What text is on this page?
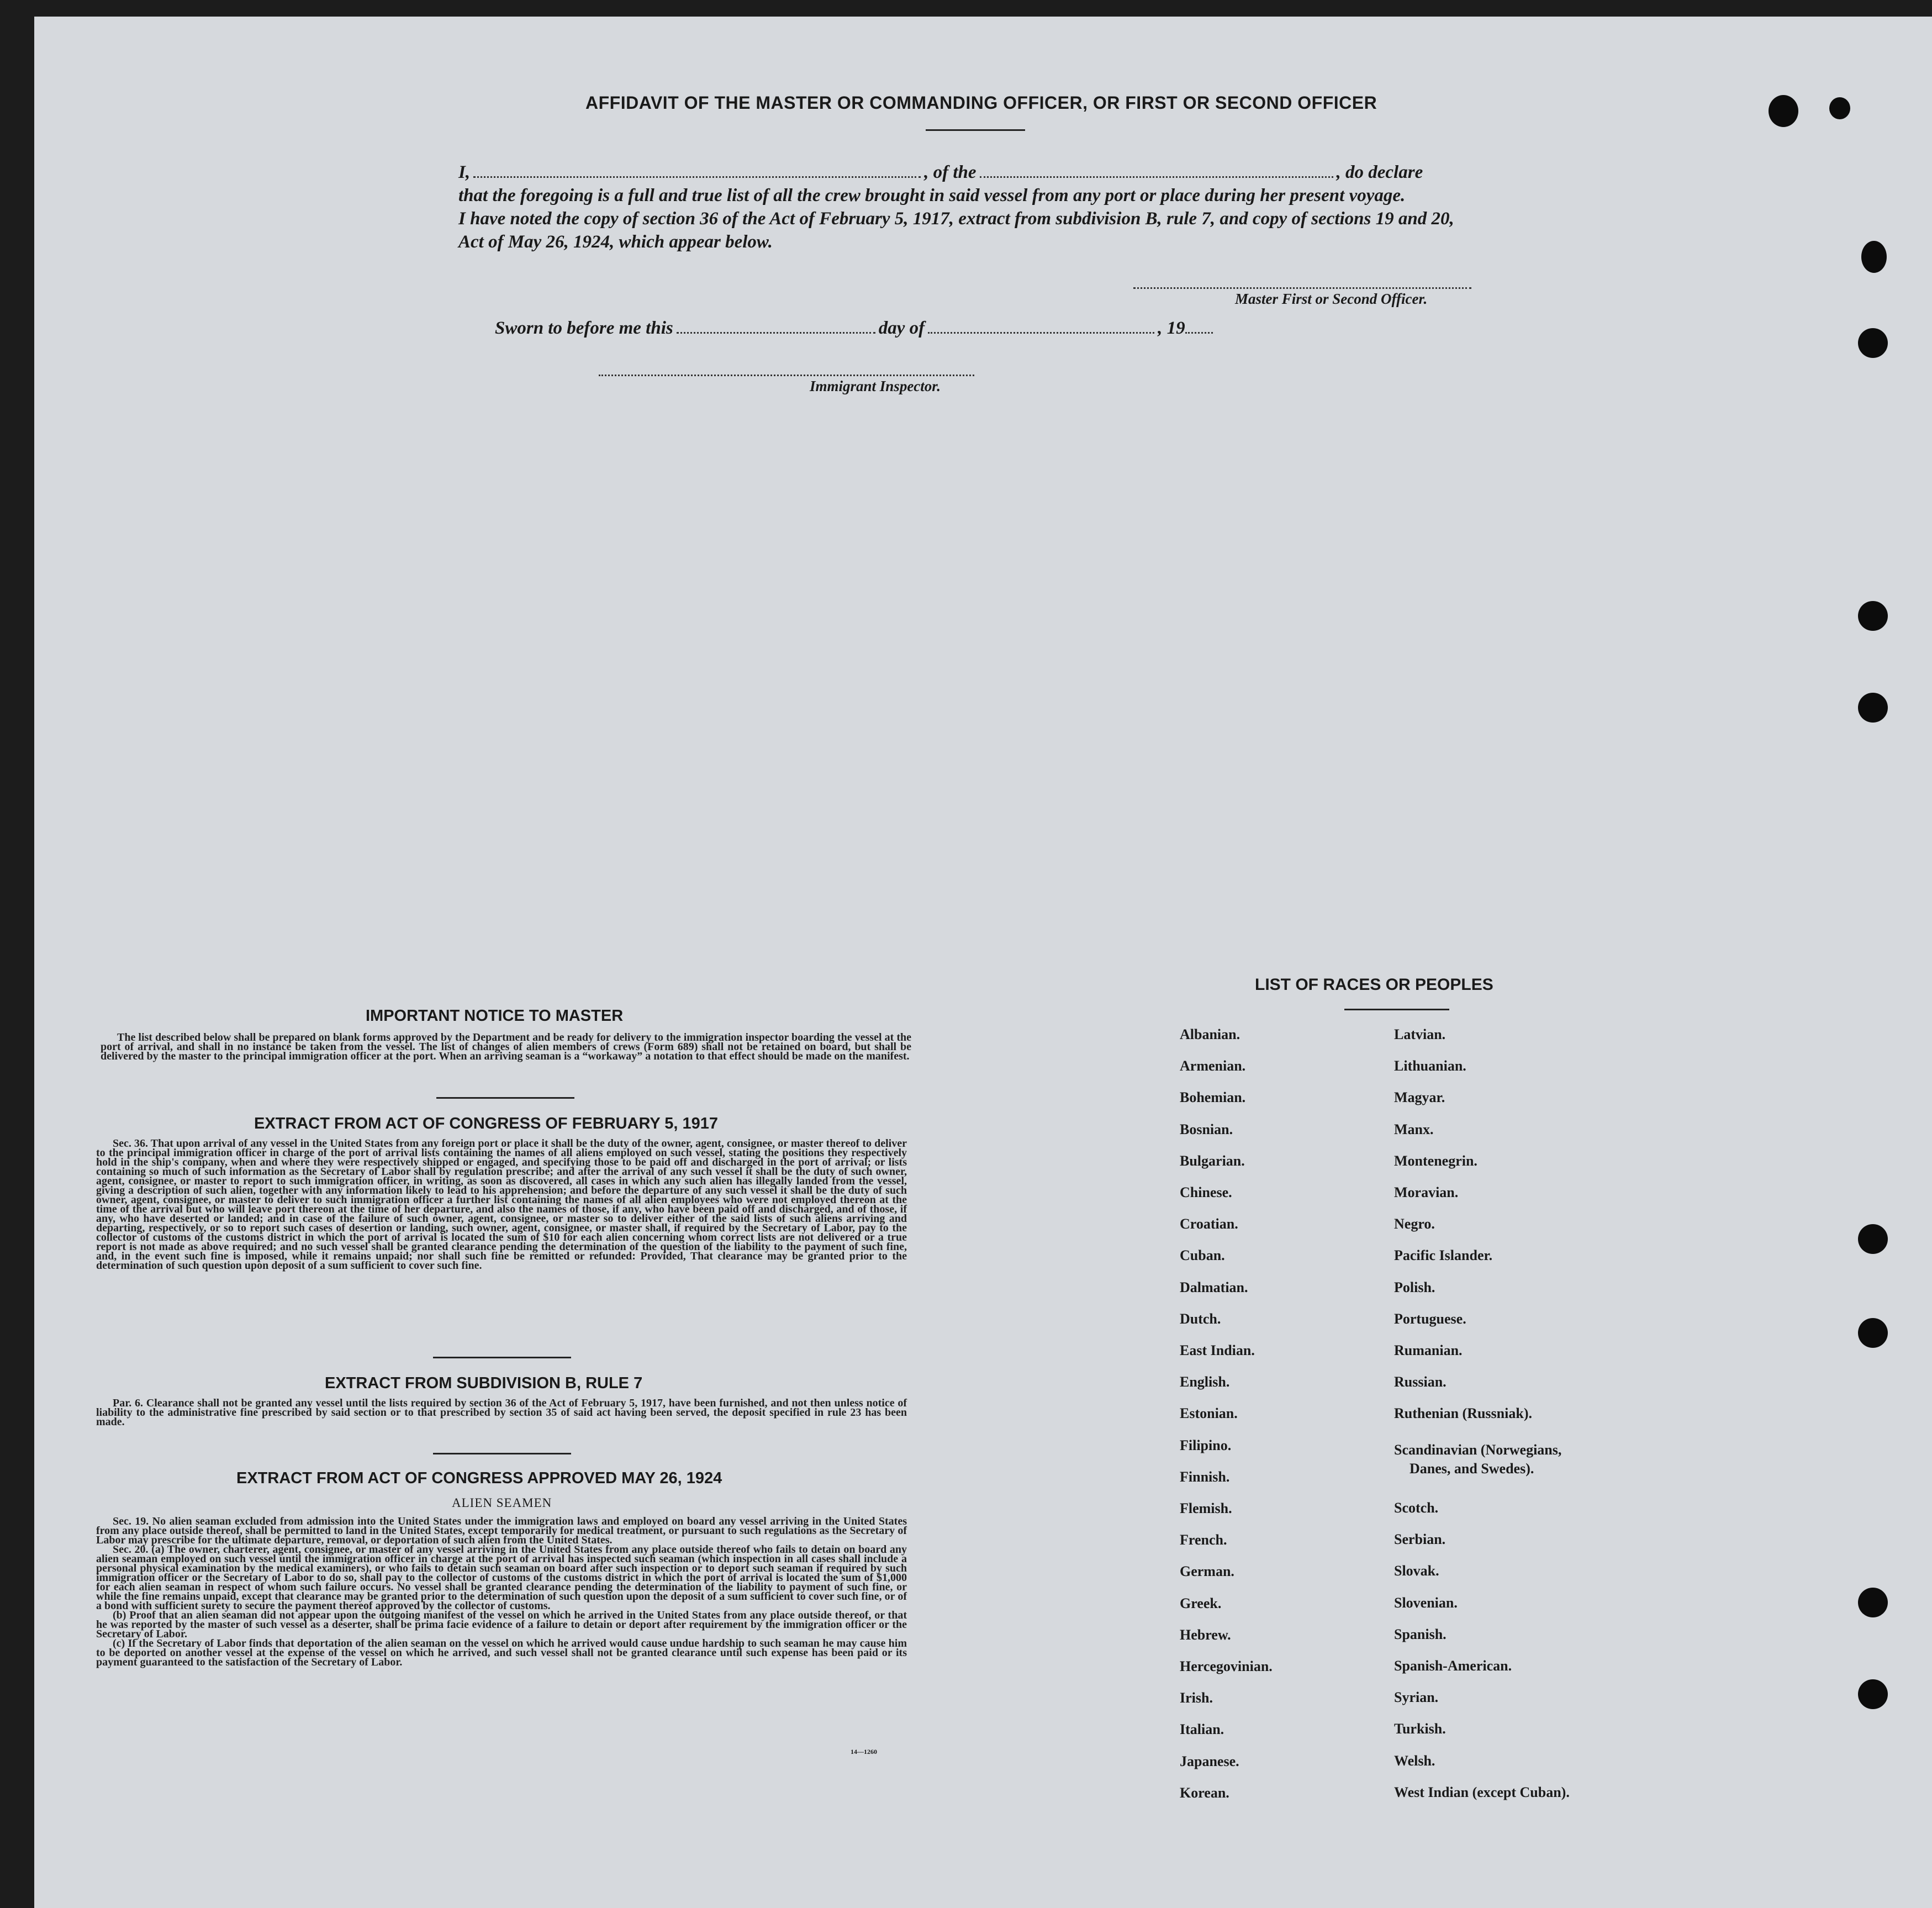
AFFIDAVIT OF THE MASTER OR COMMANDING OFFICER, OR FIRST OR SECOND OFFICER
I,	, of the	, do declare
that the foregoing is a full and true list of all the crew brought in said vessel from any port or place during her present voyage.
I have noted the copy of section 36 of the Act of February 5, 1917, extract from subdivision B, rule 7, and copy of sections 19 and 20,
Act of May 26, 1924, which appear below.
Master First or Second Officer.
Sworn to before me this	day of	, 19
Immigrant Inspector.
IMPORTANT NOTICE TO MASTER

The list described below shall be prepared on blank forms approved by the Department and be ready for delivery to the immigration inspector boarding the vessel at the port of arrival, and shall in no instance be taken from the vessel. The list of changes of alien members of crews (Form 689) shall not be retained on board, but shall be delivered by the master to the principal immigration officer at the port. When an arriving seaman is a “workaway” a notation to that effect should be made on the manifest.

EXTRACT FROM ACT OF CONGRESS OF FEBRUARY 5, 1917

Sec. 36. That upon arrival of any vessel in the United States from any foreign port or place it shall be the duty of the owner, agent, consignee, or master thereof to deliver to the principal immigration officer in charge of the port of arrival lists containing the names of all aliens employed on such vessel, stating the positions they respectively hold in the ship's company, when and where they were respectively shipped or engaged, and specifying those to be paid off and discharged in the port of arrival; or lists containing so much of such information as the Secretary of Labor shall by regulation prescribe; and after the arrival of any such vessel it shall be the duty of such owner, agent, consignee, or master to report to such immigration officer, in writing, as soon as discovered, all cases in which any such alien has illegally landed from the vessel, giving a description of such alien, together with any information likely to lead to his apprehension; and before the departure of any such vessel it shall be the duty of such owner, agent, consignee, or master to deliver to such immigration officer a further list containing the names of all alien employees who were not employed thereon at the time of the arrival but who will leave port thereon at the time of her departure, and also the names of those, if any, who have been paid off and discharged, and of those, if any, who have deserted or landed; and in case of the failure of such owner, agent, consignee, or master so to deliver either of the said lists of such aliens arriving and departing, respectively, or so to report such cases of desertion or landing, such owner, agent, consignee, or master shall, if required by the Secretary of Labor, pay to the collector of customs of the customs district in which the port of arrival is located the sum of $10 for each alien concerning whom correct lists are not delivered or a true report is not made as above required; and no such vessel shall be granted clearance pending the determination of the question of the liability to the payment of such fine, and, in the event such fine is imposed, while it remains unpaid; nor shall such fine be remitted or refunded: Provided, That clearance may be granted prior to the determination of such question upon deposit of a sum sufficient to cover such fine.

EXTRACT FROM SUBDIVISION B, RULE 7

Par. 6. Clearance shall not be granted any vessel until the lists required by section 36 of the Act of February 5, 1917, have been furnished, and not then unless notice of liability to the administrative fine prescribed by said section or to that prescribed by section 35 of said act having been served, the deposit specified in rule 23 has been made.

EXTRACT FROM ACT OF CONGRESS APPROVED MAY 26, 1924
ALIEN SEAMEN

Sec. 19. No alien seaman excluded from admission into the United States under the immigration laws and employed on board any vessel arriving in the United States from any place outside thereof, shall be permitted to land in the United States, except temporarily for medical treatment, or pursuant to such regulations as the Secretary of Labor may prescribe for the ultimate departure, removal, or deportation of such alien from the United States.

Sec. 20. (a) The owner, charterer, agent, consignee, or master of any vessel arriving in the United States from any place outside thereof who fails to detain on board any alien seaman employed on such vessel until the immigration officer in charge at the port of arrival has inspected such seaman (which inspection in all cases shall include a personal physical examination by the medical examiners), or who fails to detain such seaman on board after such inspection or to deport such seaman if required by such immigration officer or the Secretary of Labor to do so, shall pay to the collector of customs of the customs district in which the port of arrival is located the sum of $1,000 for each alien seaman in respect of whom such failure occurs. No vessel shall be granted clearance pending the determination of the liability to payment of such fine, or while the fine remains unpaid, except that clearance may be granted prior to the determination of such question upon the deposit of a sum sufficient to cover such fine, or of a bond with sufficient surety to secure the payment thereof approved by the collector of customs.

(b) Proof that an alien seaman did not appear upon the outgoing manifest of the vessel on which he arrived in the United States from any place outside thereof, or that he was reported by the master of such vessel as a deserter, shall be prima facie evidence of a failure to detain or deport after requirement by the immigration officer or the Secretary of Labor.

(c) If the Secretary of Labor finds that deportation of the alien seaman on the vessel on which he arrived would cause undue hardship to such seaman he may cause him to be deported on another vessel at the expense of the vessel on which he arrived, and such vessel shall not be granted clearance until such expense has been paid or its payment guaranteed to the satisfaction of the Secretary of Labor.

14—1260
LIST OF RACES OR PEOPLES
Albanian.
Armenian.
Bohemian.
Bosnian.
Bulgarian.
Chinese.
Croatian.
Cuban.
Dalmatian.
Dutch.
East Indian.
English.
Estonian.
Filipino.
Finnish.
Flemish.
French.
German.
Greek.
Hebrew.
Hercegovinian.
Irish.
Italian.
Japanese.
Korean.
Latvian.
Lithuanian.
Magyar.
Manx.
Montenegrin.
Moravian.
Negro.
Pacific Islander.
Polish.
Portuguese.
Rumanian.
Russian.
Ruthenian (Russniak).
Scandinavian (Norwegians,
Danes, and Swedes).
Scotch.
Serbian.
Slovak.
Slovenian.
Spanish.
Spanish-American.
Syrian.
Turkish.
Welsh.
West Indian (except Cuban).
